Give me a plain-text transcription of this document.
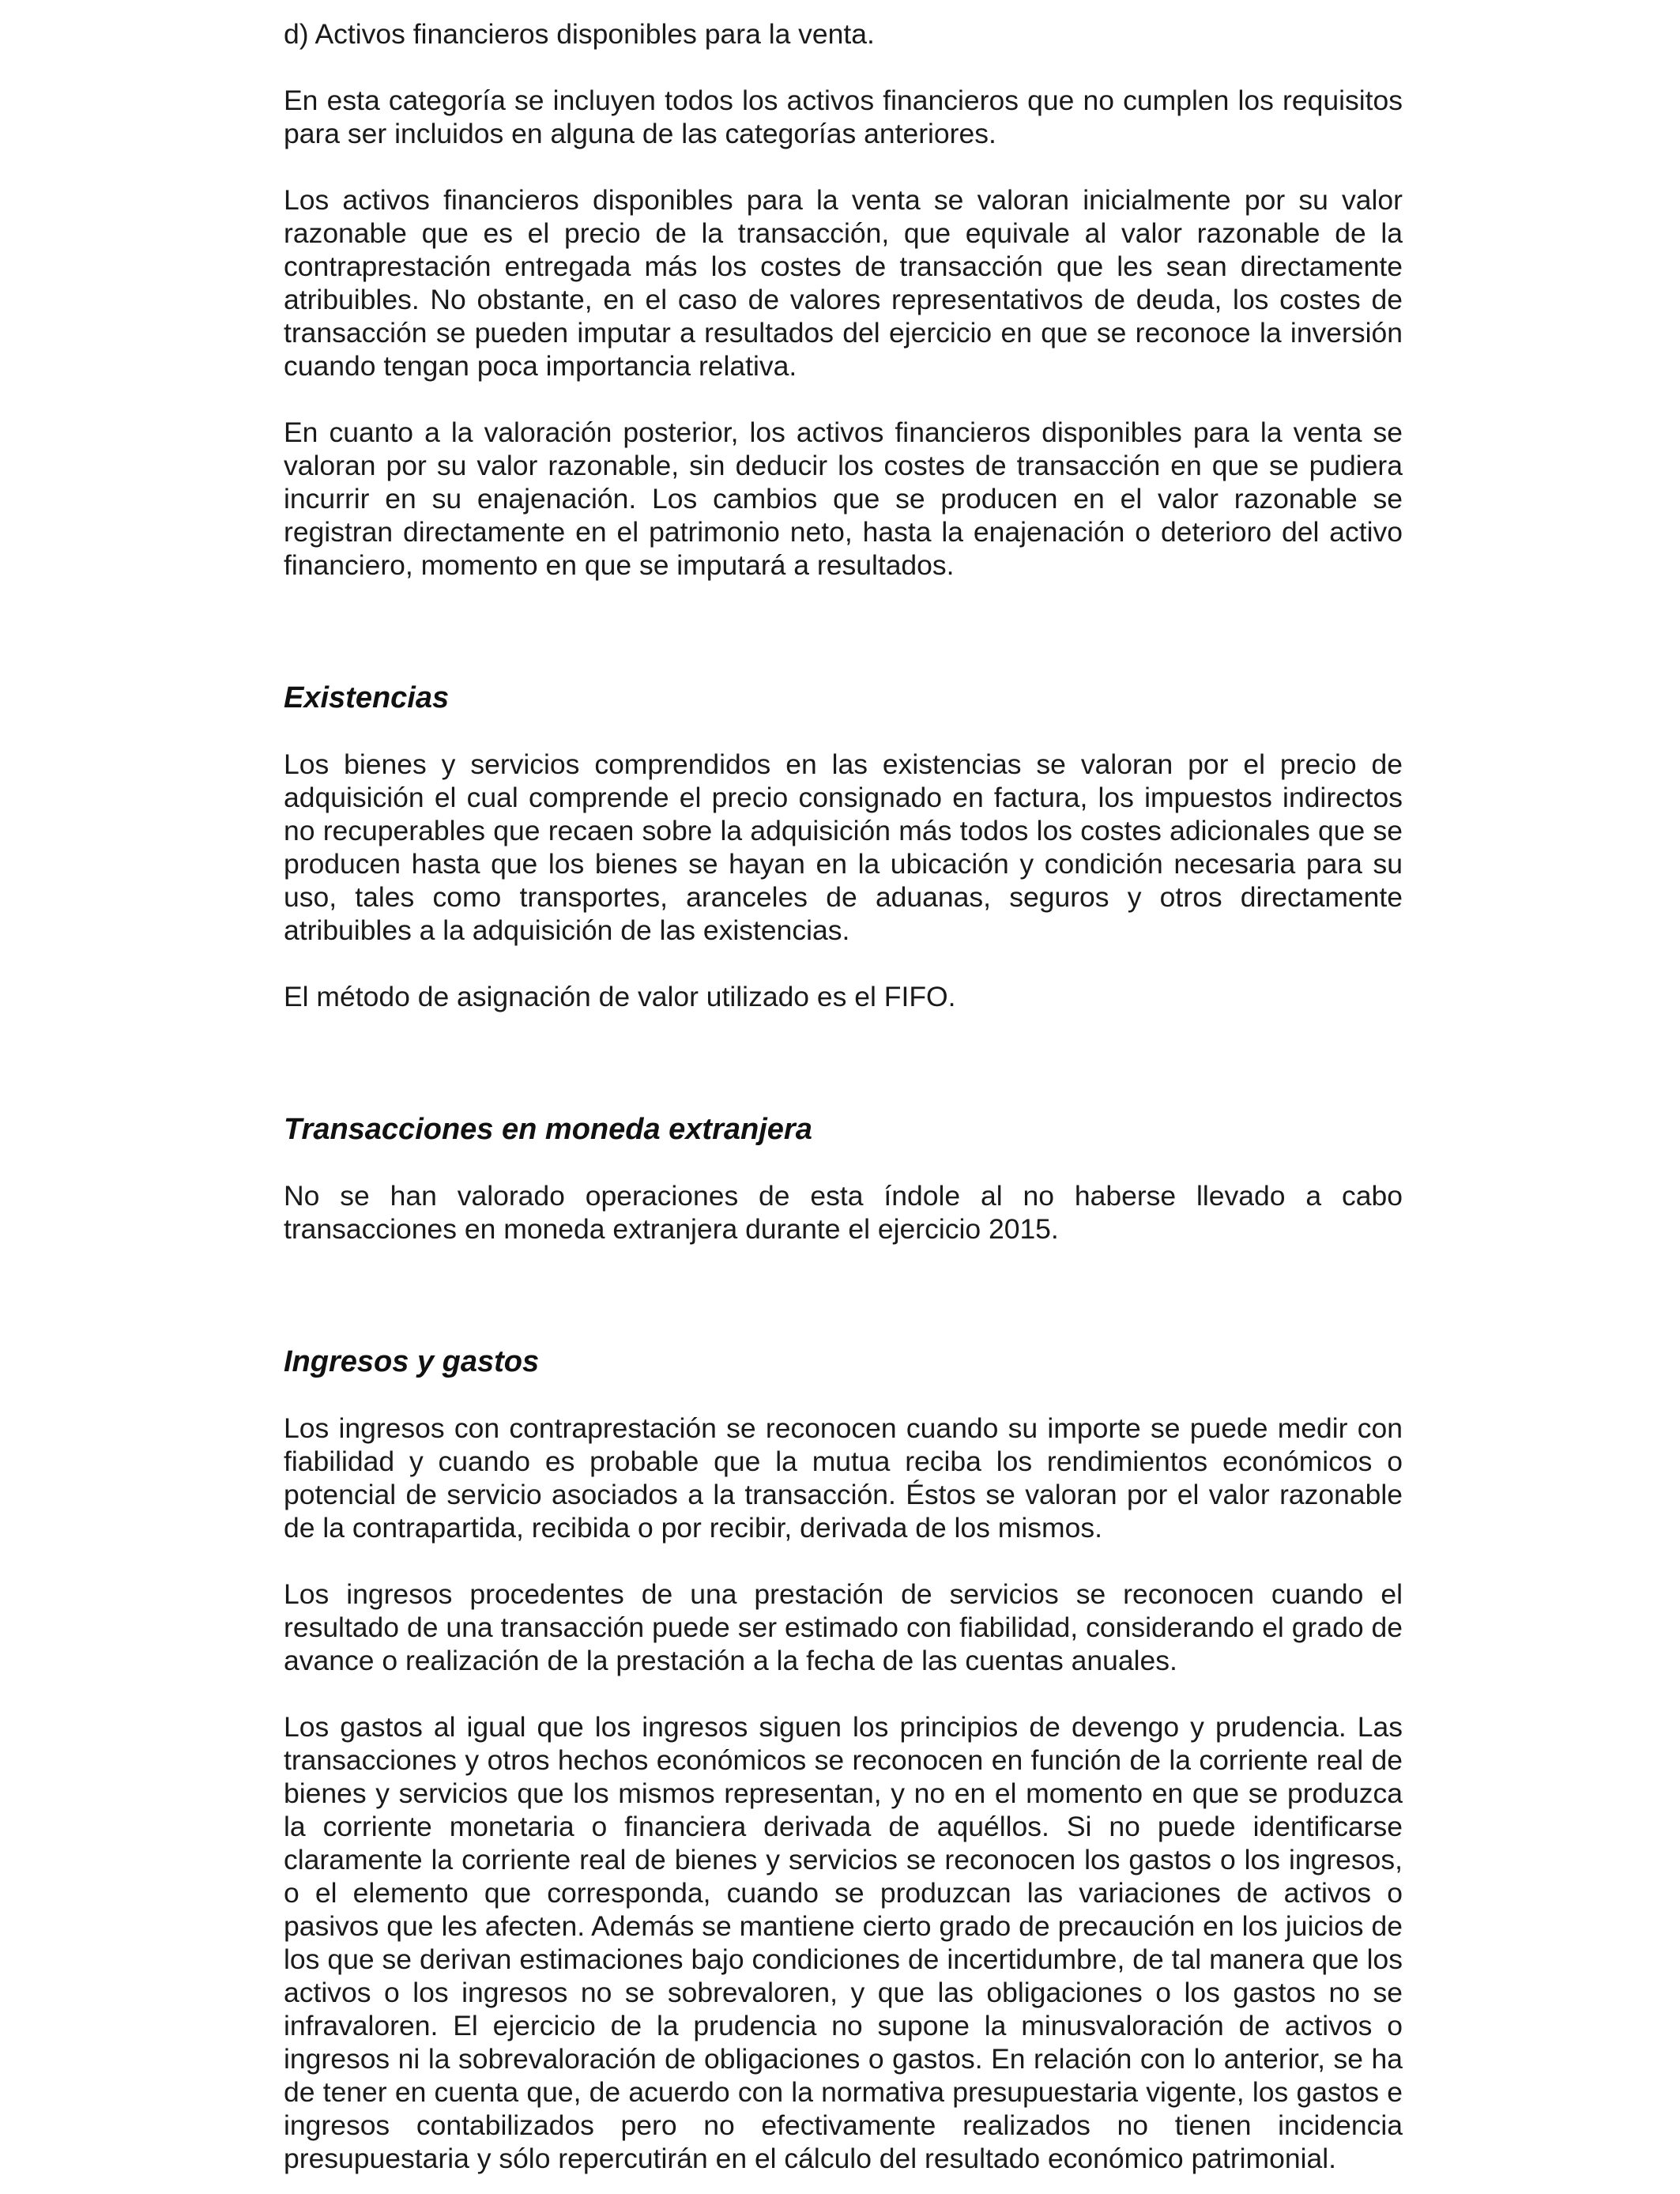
d) Activos financieros disponibles para la venta.

En esta categoría se incluyen todos los activos financieros que no cumplen los requisitos para ser incluidos en alguna de las categorías anteriores.

Los activos financieros disponibles para la venta se valoran inicialmente por su valor razonable que es el precio de la transacción, que equivale al valor razonable de la contraprestación entregada más los costes de transacción que les sean directamente atribuibles. No obstante, en el caso de valores representativos de deuda, los costes de transacción se pueden imputar a resultados del ejercicio en que se reconoce la inversión cuando tengan poca importancia relativa.

En cuanto a la valoración posterior, los activos financieros disponibles para la venta se valoran por su valor razonable, sin deducir los costes de transacción en que se pudiera incurrir en su enajenación. Los cambios que se producen en el valor razonable se registran directamente en el patrimonio neto, hasta la enajenación o deterioro del activo financiero, momento en que se imputará a resultados.

Existencias

Los bienes y servicios comprendidos en las existencias se valoran por el precio de adquisición el cual comprende el precio consignado en factura, los impuestos indirectos no recuperables que recaen sobre la adquisición más todos los costes adicionales que se producen hasta que los bienes se hayan en la ubicación y condición necesaria para su uso, tales como transportes, aranceles de aduanas, seguros y otros directamente atribuibles a la adquisición de las existencias.

El método de asignación de valor utilizado es el FIFO.

Transacciones en moneda extranjera

No se han valorado operaciones de esta índole al no haberse llevado a cabo transacciones en moneda extranjera durante el ejercicio 2015.

Ingresos y gastos

Los ingresos con contraprestación se reconocen cuando su importe se puede medir con fiabilidad y cuando es probable que la mutua reciba los rendimientos económicos o potencial de servicio asociados a la transacción. Éstos se valoran por el valor razonable de la contrapartida, recibida o por recibir, derivada de los mismos.

Los ingresos procedentes de una prestación de servicios se reconocen cuando el resultado de una transacción puede ser estimado con fiabilidad, considerando el grado de avance o realización de la prestación a la fecha de las cuentas anuales.

Los gastos al igual que los ingresos siguen los principios de devengo y prudencia. Las transacciones y otros hechos económicos se reconocen en función de la corriente real de bienes y servicios que los mismos representan, y no en el momento en que se produzca la corriente monetaria o financiera derivada de aquéllos. Si no puede identificarse claramente la corriente real de bienes y servicios se reconocen los gastos o los ingresos, o el elemento que corresponda, cuando se produzcan las variaciones de activos o pasivos que les afecten. Además se mantiene cierto grado de precaución en los juicios de los que se derivan estimaciones bajo condiciones de incertidumbre, de tal manera que los activos o los ingresos no se sobrevaloren, y que las obligaciones o los gastos no se infravaloren. El ejercicio de la prudencia no supone la minusvaloración de activos o ingresos ni la sobrevaloración de obligaciones o gastos. En relación con lo anterior, se ha de tener en cuenta que, de acuerdo con la normativa presupuestaria vigente, los gastos e ingresos contabilizados pero no efectivamente realizados no tienen incidencia presupuestaria y sólo repercutirán en el cálculo del resultado económico patrimonial.
